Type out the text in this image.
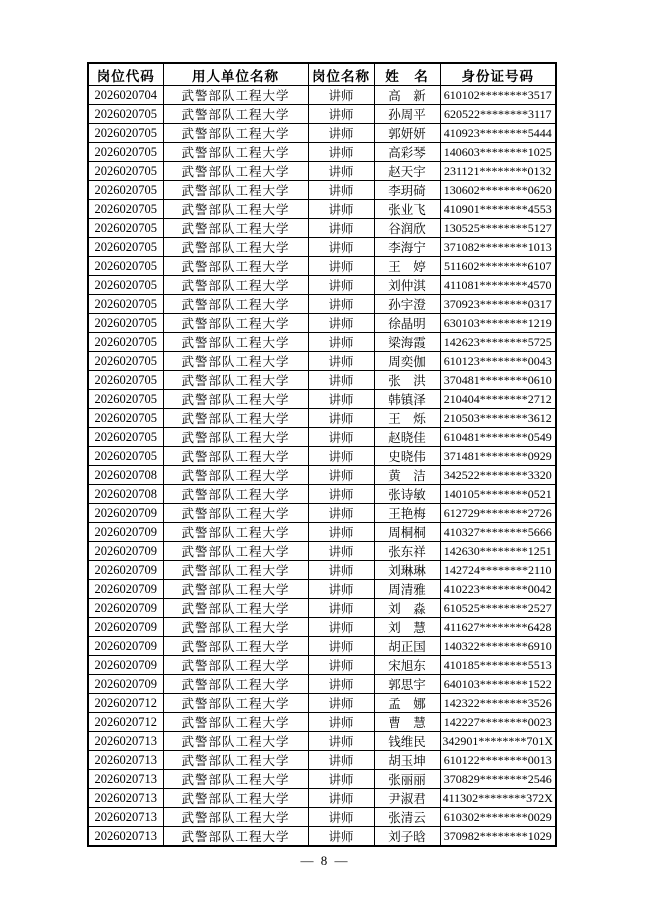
岗位代码	用人单位名称	岗位名称	姓　名	身份证号码
2026020704	武警部队工程大学	讲师	高　新	610102********3517
2026020705	武警部队工程大学	讲师	孙周平	620522********3117
2026020705	武警部队工程大学	讲师	郭妍妍	410923********5444
2026020705	武警部队工程大学	讲师	高彩琴	140603********1025
2026020705	武警部队工程大学	讲师	赵天宇	231121********0132
2026020705	武警部队工程大学	讲师	李玥碕	130602********0620
2026020705	武警部队工程大学	讲师	张业飞	410901********4553
2026020705	武警部队工程大学	讲师	谷润欣	130525********5127
2026020705	武警部队工程大学	讲师	李海宁	371082********1013
2026020705	武警部队工程大学	讲师	王　婷	511602********6107
2026020705	武警部队工程大学	讲师	刘仲淇	411081********4570
2026020705	武警部队工程大学	讲师	孙宇澄	370923********0317
2026020705	武警部队工程大学	讲师	徐晶明	630103********1219
2026020705	武警部队工程大学	讲师	梁海霞	142623********5725
2026020705	武警部队工程大学	讲师	周奕伽	610123********0043
2026020705	武警部队工程大学	讲师	张　洪	370481********0610
2026020705	武警部队工程大学	讲师	韩镇泽	210404********2712
2026020705	武警部队工程大学	讲师	王　烁	210503********3612
2026020705	武警部队工程大学	讲师	赵晓佳	610481********0549
2026020705	武警部队工程大学	讲师	史晓伟	371481********0929
2026020708	武警部队工程大学	讲师	黄　洁	342522********3320
2026020708	武警部队工程大学	讲师	张诗敏	140105********0521
2026020709	武警部队工程大学	讲师	王艳梅	612729********2726
2026020709	武警部队工程大学	讲师	周桐桐	410327********5666
2026020709	武警部队工程大学	讲师	张东祥	142630********1251
2026020709	武警部队工程大学	讲师	刘琳琳	142724********2110
2026020709	武警部队工程大学	讲师	周清雅	410223********0042
2026020709	武警部队工程大学	讲师	刘　淼	610525********2527
2026020709	武警部队工程大学	讲师	刘　慧	411627********6428
2026020709	武警部队工程大学	讲师	胡正国	140322********6910
2026020709	武警部队工程大学	讲师	宋旭东	410185********5513
2026020709	武警部队工程大学	讲师	郭思宇	640103********1522
2026020712	武警部队工程大学	讲师	孟　娜	142322********3526
2026020712	武警部队工程大学	讲师	曹　慧	142227********0023
2026020713	武警部队工程大学	讲师	钱维民	342901********701X
2026020713	武警部队工程大学	讲师	胡玉坤	610122********0013
2026020713	武警部队工程大学	讲师	张丽丽	370829********2546
2026020713	武警部队工程大学	讲师	尹淑君	411302********372X
2026020713	武警部队工程大学	讲师	张清云	610302********0029
2026020713	武警部队工程大学	讲师	刘子晗	370982********1029
— 8 —
